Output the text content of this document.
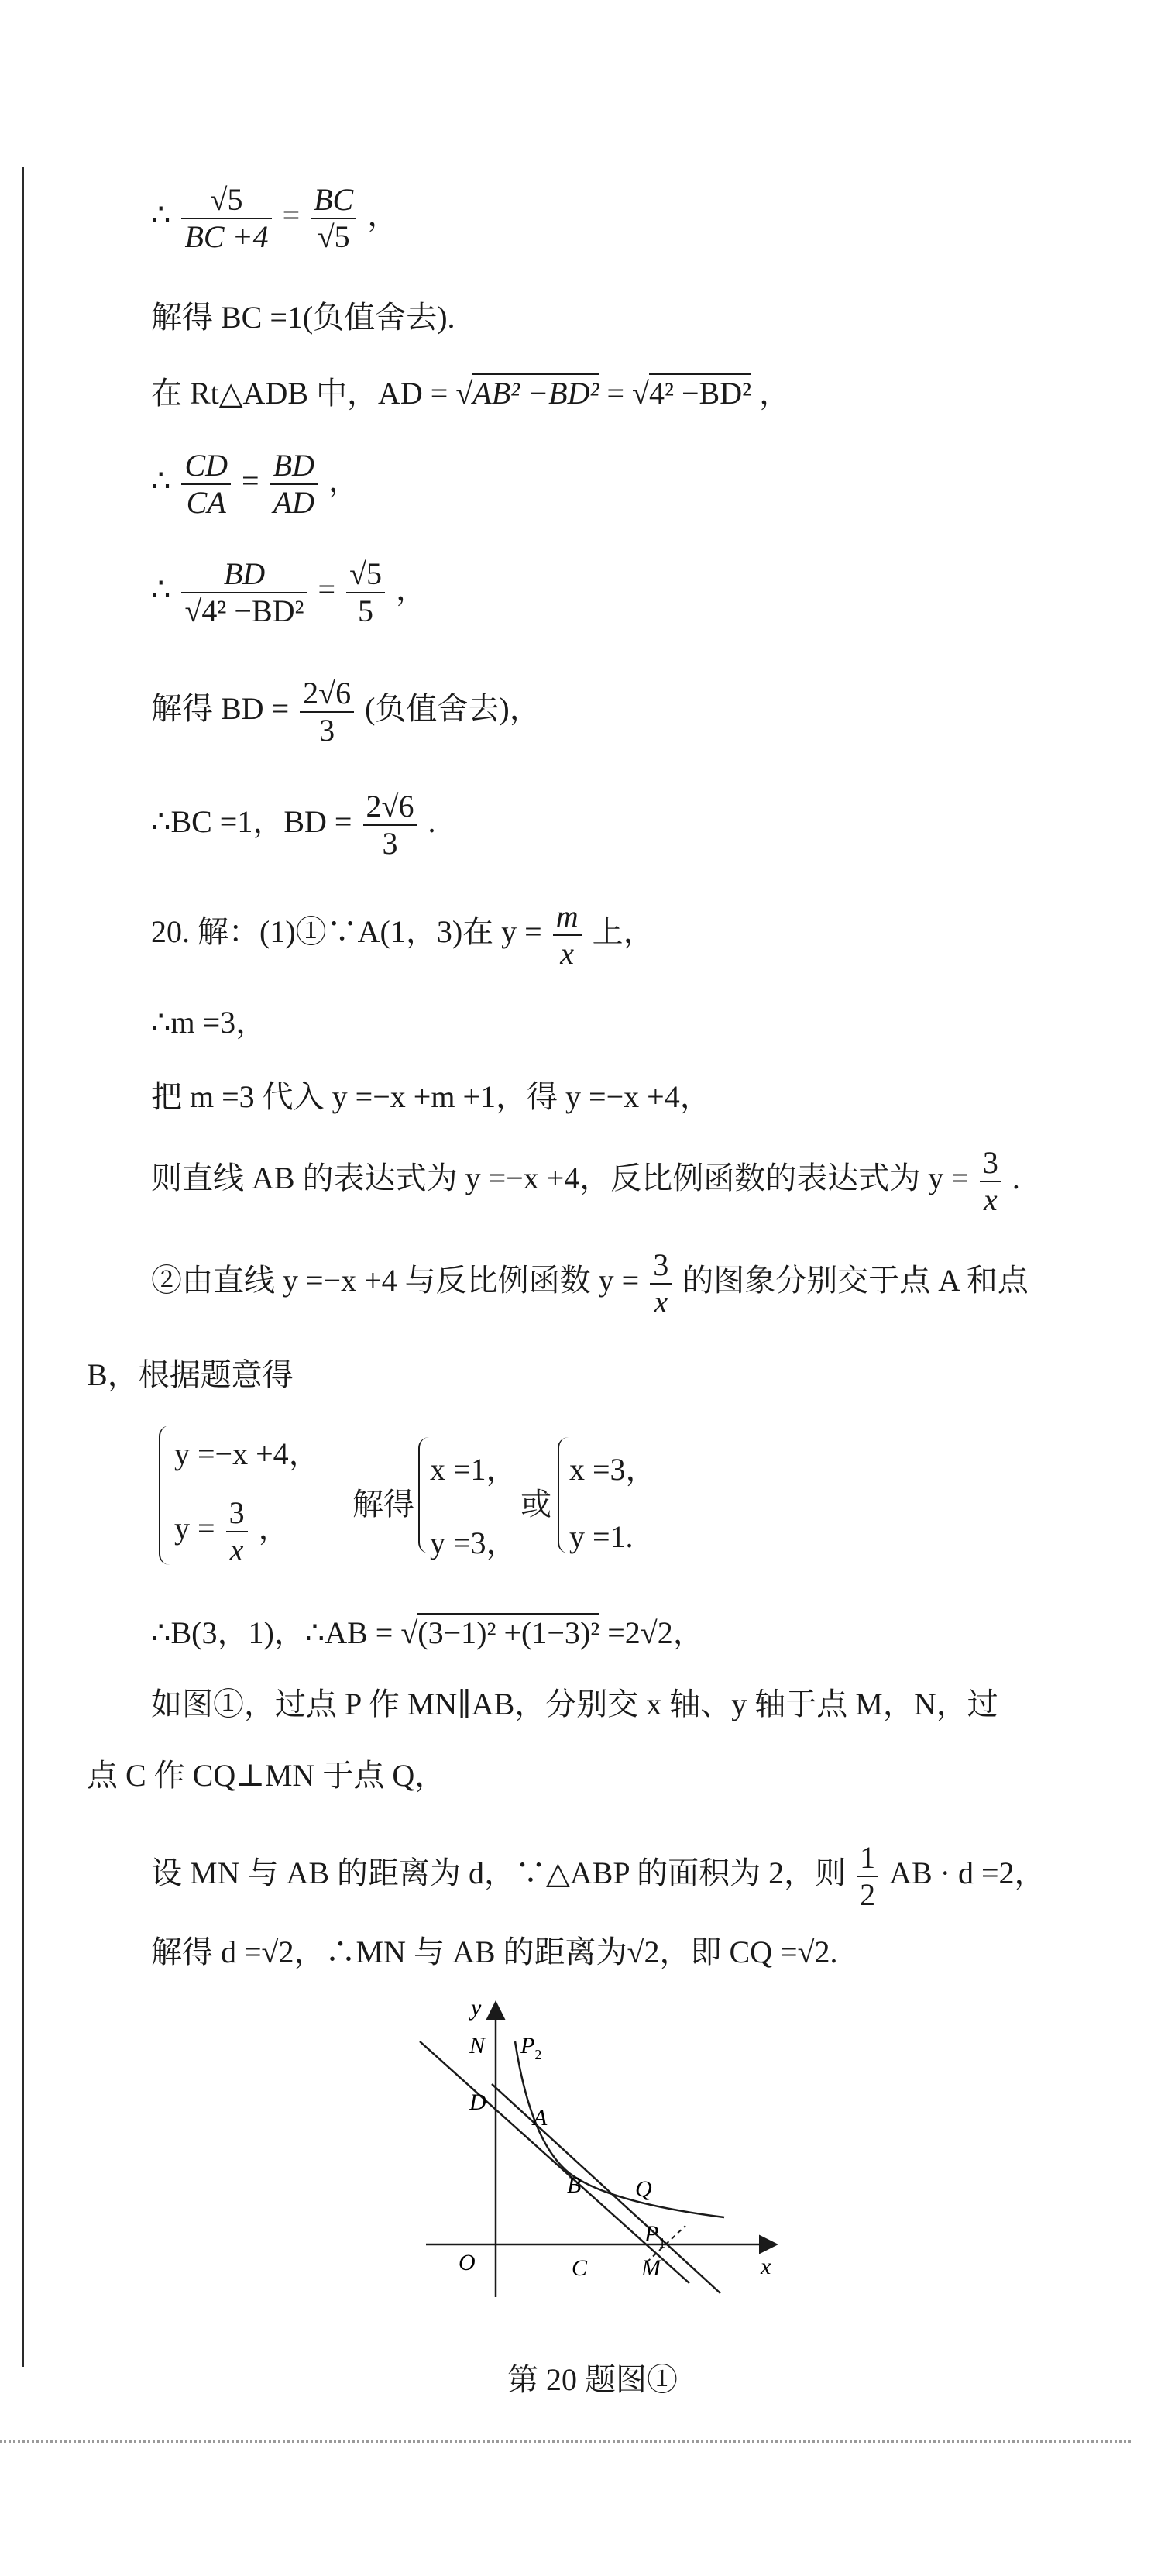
∴ $\frac{√5}{BC +4} = \frac{BC}{√5}$ ，
解得 BC =1(负值舍去).
在 Rt△ADB 中，AD = √AB² −BD² = √4² −BD² ，
∴ $\frac{CD}{CA} = \frac{BD}{AD}$ ，
∴ $\frac{BD}{\text{√4² −BD²}} = \frac{√5}{5}$ ，
解得 BD = $\frac{2√6}{3}$ (负值舍去)，
∴BC =1，BD = $\frac{2√6}{3}$ .
20. 解：(1)①∵A(1，3)在 $y = \frac{m}{x}$ 上，
∴m =3，
把 m =3 代入 y =−x +m +1，得 y =−x +4，
则直线 AB 的表达式为 y =−x +4，反比例函数的表达式为 $y = \frac{3}{x}$ .
②由直线 y =−x +4 与反比例函数 $y = \frac{3}{x}$ 的图象分别交于点 A 和点
B，根据题意得
y =−x +4，
$y = \frac{3}{x}$ ，
解得
x =1，
y =3，
或
x =3，
y =1.
∴B(3，1)，∴AB = √(3−1)² +(1−3)² =2√2，
如图①，过点 P 作 MN∥AB，分别交 x 轴、y 轴于点 M，N，过
点 C 作 CQ⊥MN 于点 Q，
设 MN 与 AB 的距离为 d，∵△ABP 的面积为 2，则 $\frac{1}{2}$ AB · d =2，
解得 d =√2，∴MN 与 AB 的距离为√2，即 CQ =√2.
y
N $P_2$
D
A
B Q
$P_1$
O	C M	x
第 20 题图①
